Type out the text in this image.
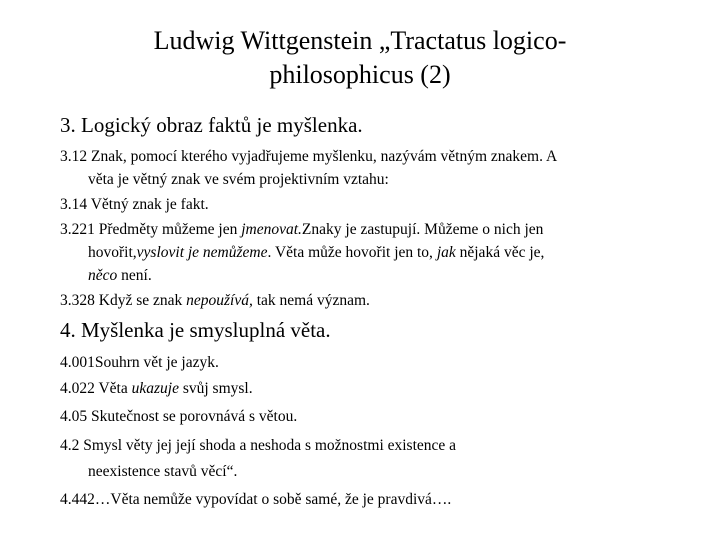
Ludwig Wittgenstein „Tractatus logico-
philosophicus (2)
3. Logický obraz faktů je myšlenka.
3.12 Znak, pomocí kterého vyjadřujeme myšlenku, nazývám větným znakem. A
věta je větný znak ve svém projektivním vztahu:
3.14 Větný znak je fakt.
3.221 Předměty můžeme jen jmenovat.Znaky je zastupují. Můžeme o nich jen
hovořit,vyslovit je nemůžeme. Věta může hovořit jen to, jak nějaká věc je,
něco není.
3.328 Když se znak nepoužívá, tak nemá význam.
4. Myšlenka je smysluplná věta.
4.001Souhrn vět je jazyk.
4.022 Věta ukazuje svůj smysl.
4.05 Skutečnost se porovnává s větou.
4.2 Smysl věty jej její shoda a neshoda s možnostmi existence a
neexistence stavů věcí“.
4.442…Věta nemůže vypovídat o sobě samé, že je pravdivá….
